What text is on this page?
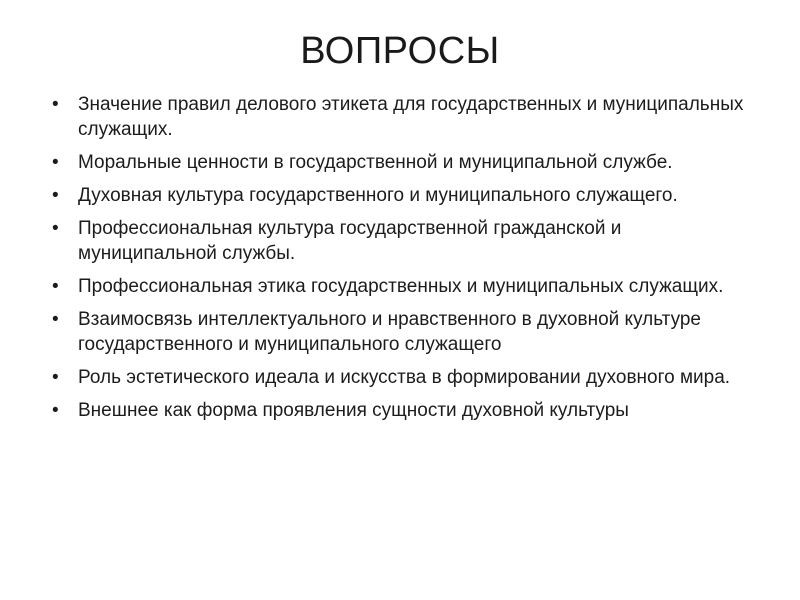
ВОПРОСЫ
• Значение правил делового этикета для государственных и муниципальных служащих.
• Моральные ценности в государственной и муниципальной службе.
• Духовная культура государственного и муниципального служащего.
• Профессиональная культура государственной гражданской и муниципальной службы.
• Профессиональная этика государственных и муниципальных служащих.
• Взаимосвязь интеллектуального и нравственного в духовной культуре государственного и муниципального служащего
• Роль эстетического идеала и искусства в формировании духовного мира.
• Внешнее как форма проявления сущности духовной культуры
